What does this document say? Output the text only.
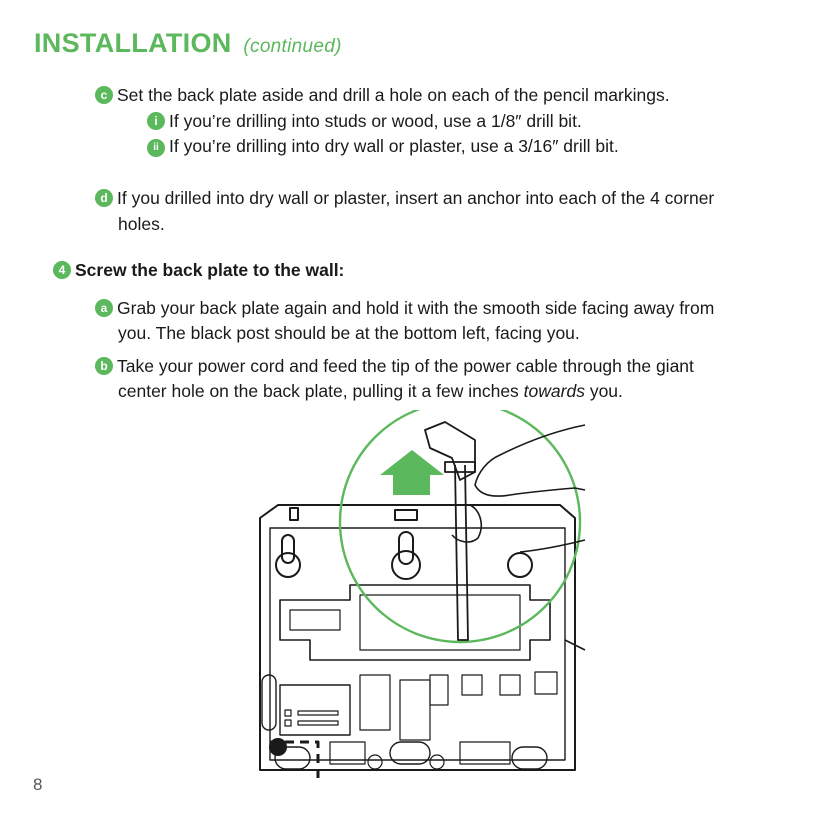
INSTALLATION (continued)
c Set the back plate aside and drill a hole on each of the pencil markings.
i If you’re drilling into studs or wood, use a 1/8″ drill bit.
ii If you’re drilling into dry wall or plaster, use a 3/16″ drill bit.
d If you drilled into dry wall or plaster, insert an anchor into each of the 4 corner
holes.
4 Screw the back plate to the wall:
a Grab your back plate again and hold it with the smooth side facing away from
you. The black post should be at the bottom left, facing you.
b Take your power cord and feed the tip of the power cable through the giant
center hole on the back plate, pulling it a few inches towards you.
8
